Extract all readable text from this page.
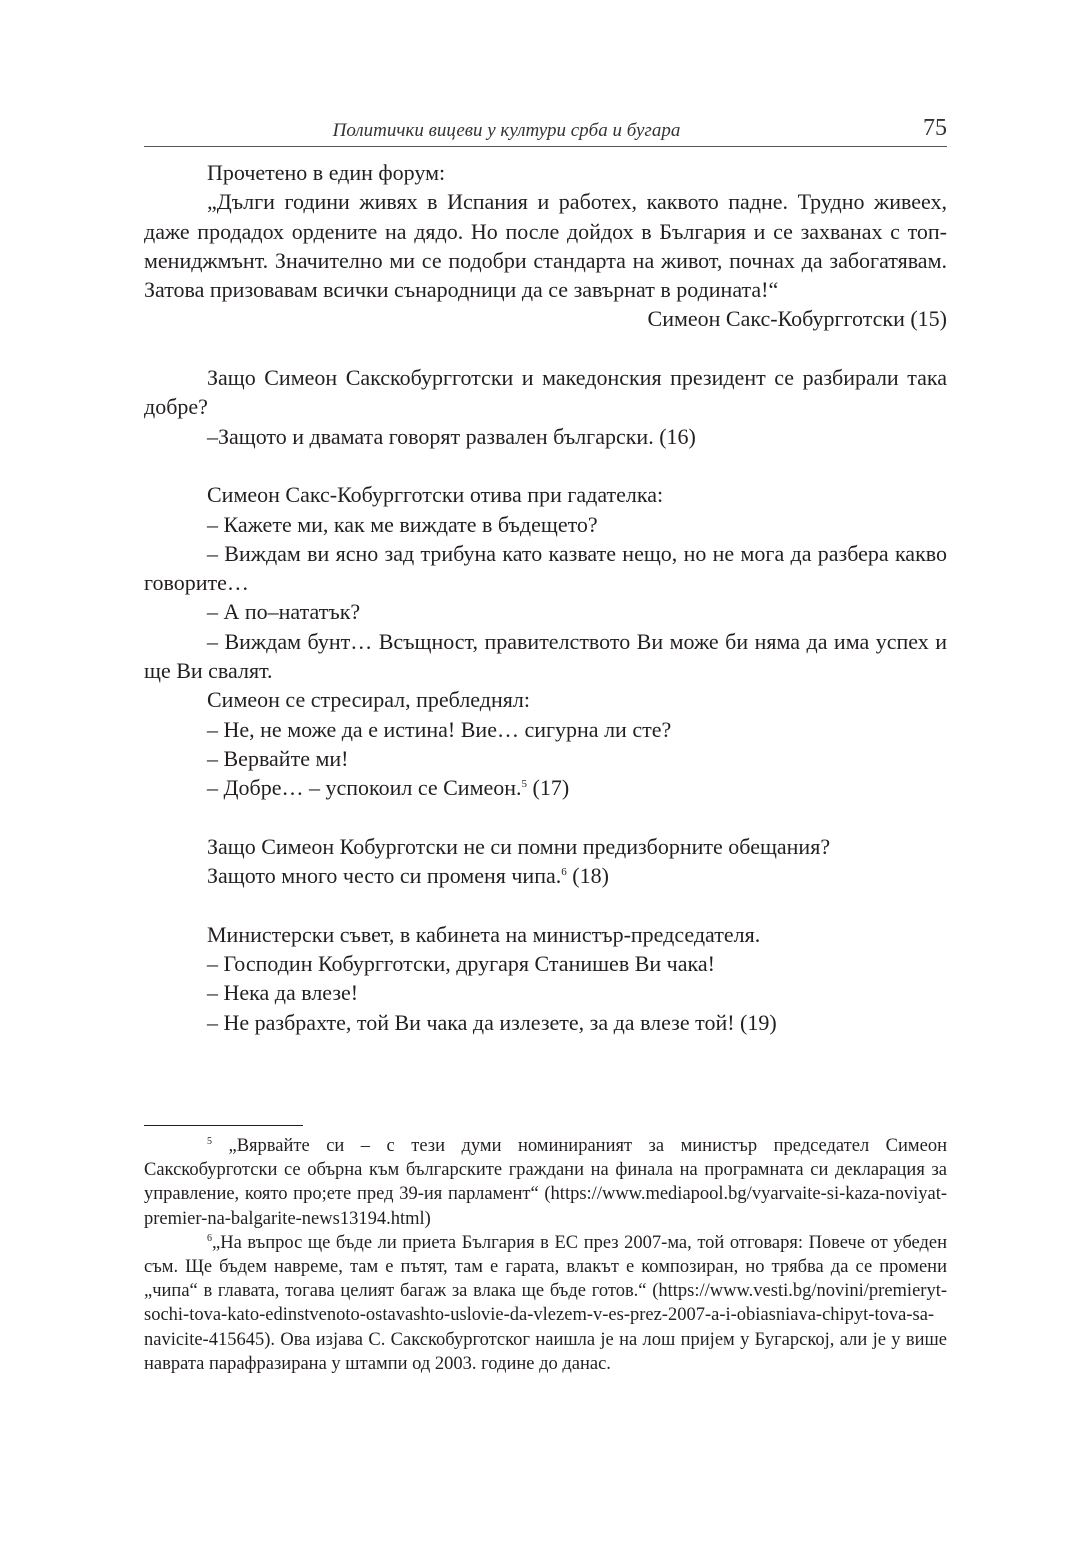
Политички вицеви у култури срба и бугара	75

Прочетено в един форум:

„Дълги години живях в Испания и работех, каквото падне. Трудно живеех, даже продадох ордените на дядо. Но после дойдох в България и се захванах с топ-мениджмънт. Значително ми се подобри стандарта на живот, почнах да забогатявам. Затова призовавам всички сънародници да се завърнат в родината!“

Симеон Сакс-Кобургготски (15)

Защо Симеон Сакскобургготски и македонския президент се разбирали така добре?

–Защото и двамата говорят развален български. (16)

Симеон Сакс-Кобургготски отива при гадателка:

– Кажете ми, как ме виждате в бъдещето?

– Виждам ви ясно зад трибуна като казвате нещо, но не мога да разбера какво говорите…

– А по–нататък?

– Виждам бунт… Всъщност, правителството Ви може би няма да има успех и ще Ви свалят.

Симеон се стресирал, пребледнял:

– Не, не може да е истина! Вие… сигурна ли сте?

– Вервайте ми!

– Добре… – успокоил се Симеон.$^5$ (17)

Защо Симеон Кобурготски не си помни предизборните обещания?

Защото много често си променя чипа.$^6$ (18)

Министерски съвет, в кабинета на министър-председателя.

– Господин Кобургготски, другаря Станишев Ви чака!

– Нека да влезе!

– Не разбрахте, той Ви чака да излезете, за да влезе той! (19)

$^5$ „Вярвайте си – с тези думи номинираният за министър председател Симеон Сакскобурготски се обърна към българските граждани на финала на програмната си декларация за управление, която про;ете пред 39-ия парламент“ (https://www.mediapool.bg/vyarvaite-si-kaza-noviyat-premier-na-balgarite-news13194.html)

$^6$„На въпрос ще бъде ли приета България в ЕС през 2007-ма, той отговаря: Повече от убеден съм. Ще бъдем навреме, там е пътят, там е гарата, влакът е композиран, но трябва да се промени „чипа“ в главата, тогава целият багаж за влака ще бъде готов.“ (https://www.vesti.bg/novini/premieryt-sochi-tova-kato-edinstvenoto-ostavashto-uslovie-da-vlezem-v-es-prez-2007-a-i-obiasniava-chipyt-tova-sa-navicite-415645). Ова изјава С. Сакскобурготског наишла је на лош пријем у Бугарској, али је у више наврата парафразирана у штампи од 2003. године до данас.
